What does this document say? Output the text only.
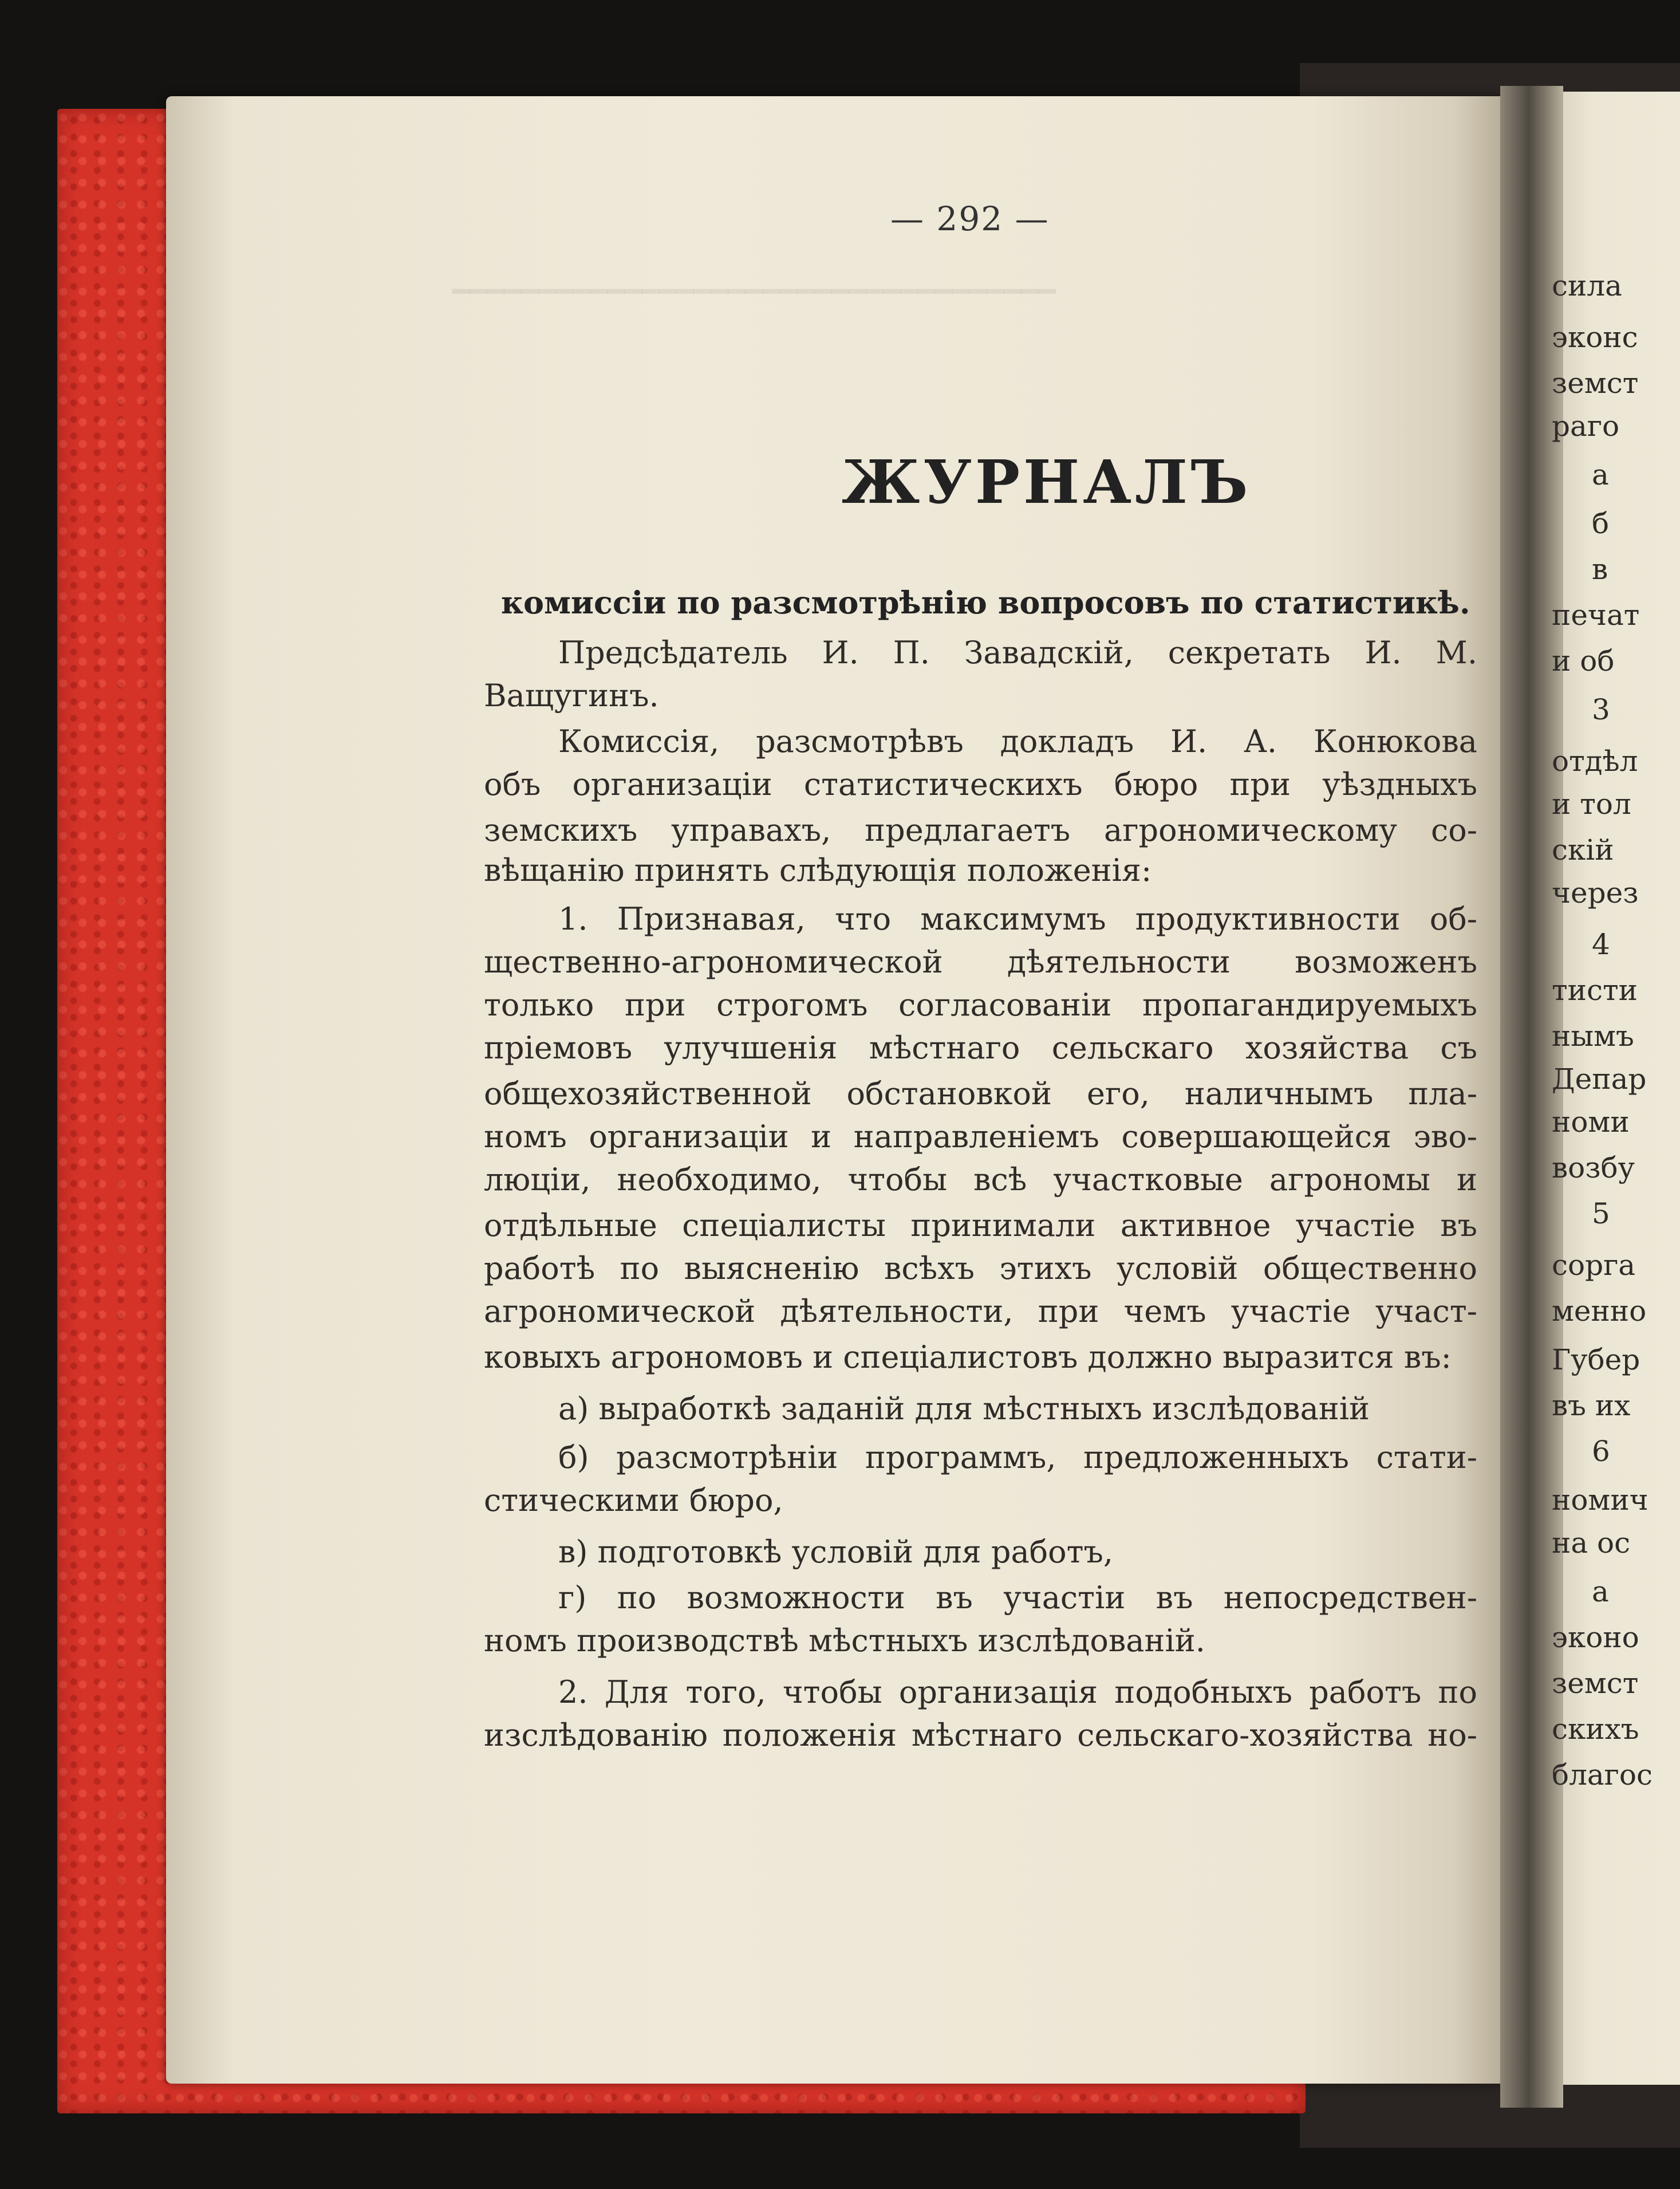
━━━━━━━━━━━━━━━━━━━━━━━━━━━━━━━━━━━
— 292 —
ЖУРНАЛЪ
комиссіи по разсмотрѣнію вопросовъ по статистикѣ.
Предсѣдатель И. П. Завадскій, секретать И. М.
Ващугинъ.
Комиссія, разсмотрѣвъ докладъ И. А. Конюкова
объ организаціи статистическихъ бюро при уѣздныхъ
земскихъ управахъ, предлагаетъ агрономическому со-
вѣщанію принять слѣдующія положенія:
1. Признавая, что максимумъ продуктивности об-
щественно-агрономической дѣятельности возможенъ
только при строгомъ согласованіи пропагандируемыхъ
пріемовъ улучшенія мѣстнаго сельскаго хозяйства съ
общехозяйственной обстановкой его, наличнымъ пла-
номъ организаціи и направленіемъ совершающейся эво-
люціи, необходимо, чтобы всѣ участковые агрономы и
отдѣльные спеціалисты принимали активное участіе въ
работѣ по выясненію всѣхъ этихъ условій общественно
агрономической дѣятельности, при чемъ участіе участ-
ковыхъ агрономовъ и спеціалистовъ должно выразится въ:
а) выработкѣ заданій для мѣстныхъ изслѣдованій
б) разсмотрѣніи программъ, предложенныхъ стати-
стическими бюро,
в) подготовкѣ условій для работъ,
г) по возможности въ участіи въ непосредствен-
номъ производствѣ мѣстныхъ изслѣдованій.
2. Для того, чтобы организація подобныхъ работъ по
изслѣдованію положенія мѣстнаго сельскаго-хозяйства но-
сила
эконс
земст
раго
а
б
в
печат
и об
3
отдѣл
и тол
скій
через
4
тисти
нымъ
Депар
номи
возбу
5
сорга
менно
Губер
въ их
6
номич
на ос
а
эконо
земст
скихъ
благос
